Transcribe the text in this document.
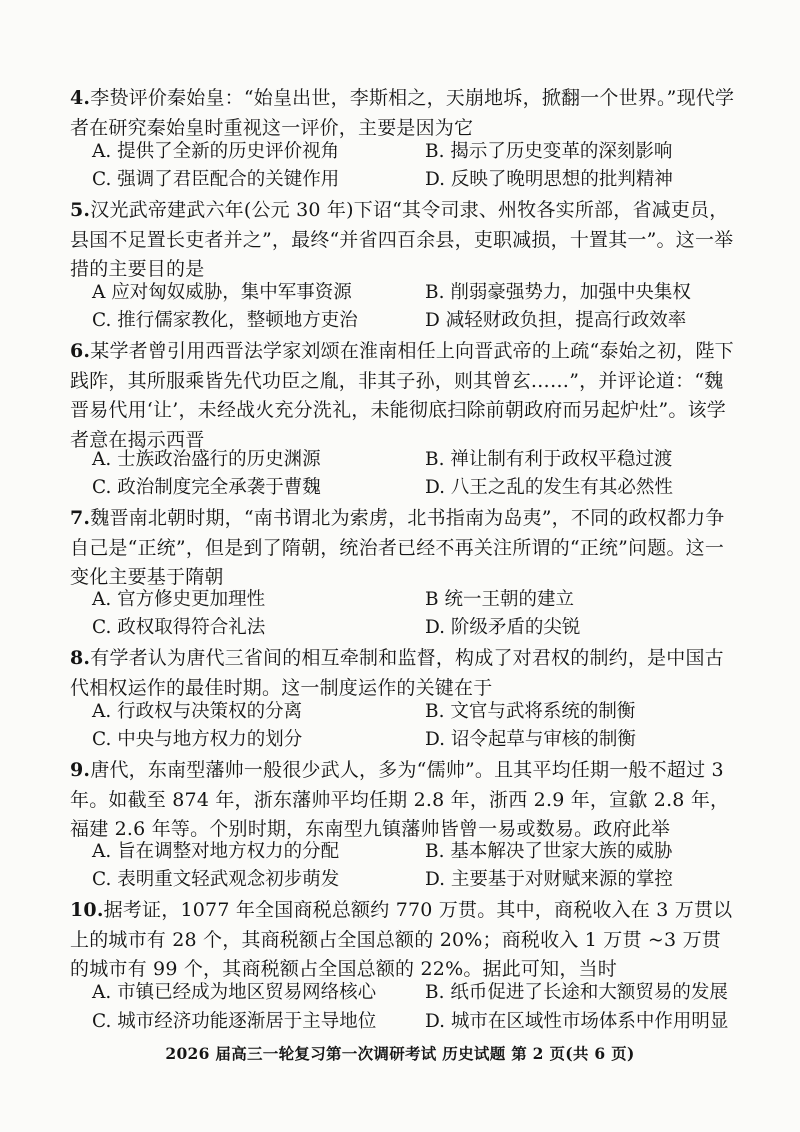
4.李贽评价秦始皇：“始皇出世，李斯相之，天崩地坼，掀翻一个世界。”现代学者在研究秦始皇时重视这一评价，主要是因为它
A. 提供了全新的历史评价视角	B. 揭示了历史变革的深刻影响
C. 强调了君臣配合的关键作用	D. 反映了晚明思想的批判精神
5.汉光武帝建武六年(公元 30 年)下诏“其令司隶、州牧各实所部，省减吏员，县国不足置长吏者并之”，最终“并省四百余县，吏职减损，十置其一”。这一举措的主要目的是
A 应对匈奴威胁，集中军事资源	B. 削弱豪强势力，加强中央集权
C. 推行儒家教化，整顿地方吏治	D 减轻财政负担，提高行政效率
6.某学者曾引用西晋法学家刘颂在淮南相任上向晋武帝的上疏“泰始之初，陛下践阼，其所服乘皆先代功臣之胤，非其子孙，则其曾玄……”，并评论道：“魏晋易代用‘让’，未经战火充分洗礼，未能彻底扫除前朝政府而另起炉灶”。该学者意在揭示西晋
A. 士族政治盛行的历史渊源	B. 禅让制有利于政权平稳过渡
C. 政治制度完全承袭于曹魏	D. 八王之乱的发生有其必然性
7.魏晋南北朝时期，“南书谓北为索虏，北书指南为岛夷”，不同的政权都力争自己是“正统”，但是到了隋朝，统治者已经不再关注所谓的“正统”问题。这一变化主要基于隋朝
A. 官方修史更加理性	B 统一王朝的建立
C. 政权取得符合礼法	D. 阶级矛盾的尖锐
8.有学者认为唐代三省间的相互牵制和监督，构成了对君权的制约，是中国古代相权运作的最佳时期。这一制度运作的关键在于
A. 行政权与决策权的分离	B. 文官与武将系统的制衡
C. 中央与地方权力的划分	D. 诏令起草与审核的制衡
9.唐代，东南型藩帅一般很少武人，多为“儒帅”。且其平均任期一般不超过 3 年。如截至 874 年，浙东藩帅平均任期 2.8 年，浙西 2.9 年，宣歙 2.8 年，福建 2.6 年等。个别时期，东南型九镇藩帅皆曾一易或数易。政府此举
A. 旨在调整对地方权力的分配	B. 基本解决了世家大族的威胁
C. 表明重文轻武观念初步萌发	D. 主要基于对财赋来源的掌控
10.据考证，1077 年全国商税总额约 770 万贯。其中，商税收入在 3 万贯以上的城市有 28 个，其商税额占全国总额的 20%；商税收入 1 万贯 ~3 万贯的城市有 99 个，其商税额占全国总额的 22%。据此可知，当时
A. 市镇已经成为地区贸易网络核心	B. 纸币促进了长途和大额贸易的发展
C. 城市经济功能逐渐居于主导地位	D. 城市在区域性市场体系中作用明显
2026 届高三一轮复习第一次调研考试 历史试题 第 2 页(共 6 页)
